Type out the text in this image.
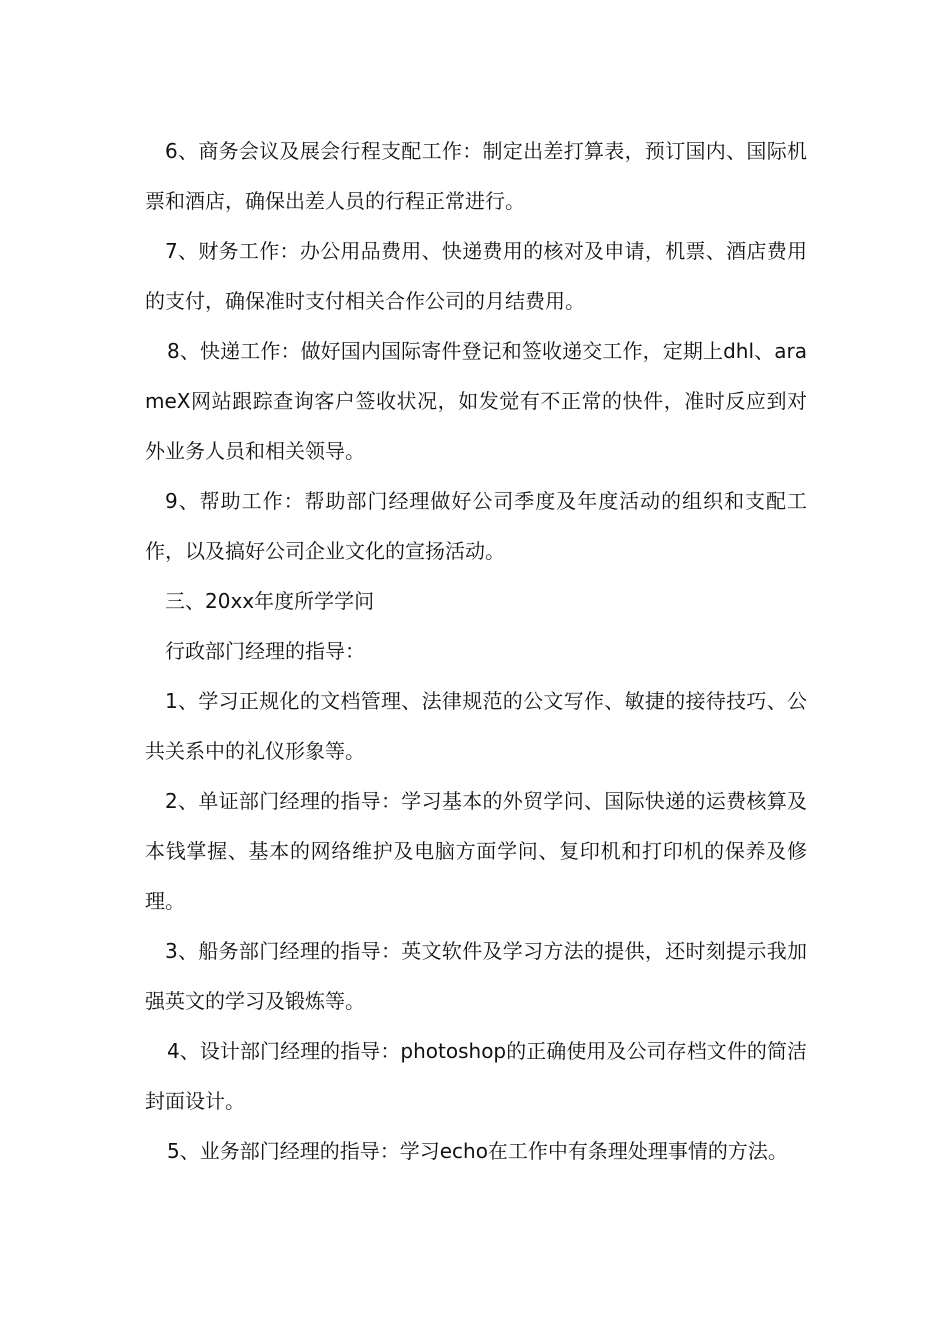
6、商务会议及展会行程支配工作：制定出差打算表，预订国内、国际机票和酒店，确保出差人员的行程正常进行。

7、财务工作：办公用品费用、快递费用的核对及申请，机票、酒店费用的支付，确保准时支付相关合作公司的月结费用。

8、快递工作：做好国内国际寄件登记和签收递交工作，定期上dhl、arameX网站跟踪查询客户签收状况，如发觉有不正常的快件，准时反应到对外业务人员和相关领导。

9、帮助工作：帮助部门经理做好公司季度及年度活动的组织和支配工作，以及搞好公司企业文化的宣扬活动。

三、20xx年度所学学问

行政部门经理的指导：

1、学习正规化的文档管理、法律规范的公文写作、敏捷的接待技巧、公共关系中的礼仪形象等。

2、单证部门经理的指导：学习基本的外贸学问、国际快递的运费核算及本钱掌握、基本的网络维护及电脑方面学问、复印机和打印机的保养及修理。

3、船务部门经理的指导：英文软件及学习方法的提供，还时刻提示我加强英文的学习及锻炼等。

4、设计部门经理的指导：photoshop的正确使用及公司存档文件的简洁封面设计。

5、业务部门经理的指导：学习echo在工作中有条理处理事情的方法。
